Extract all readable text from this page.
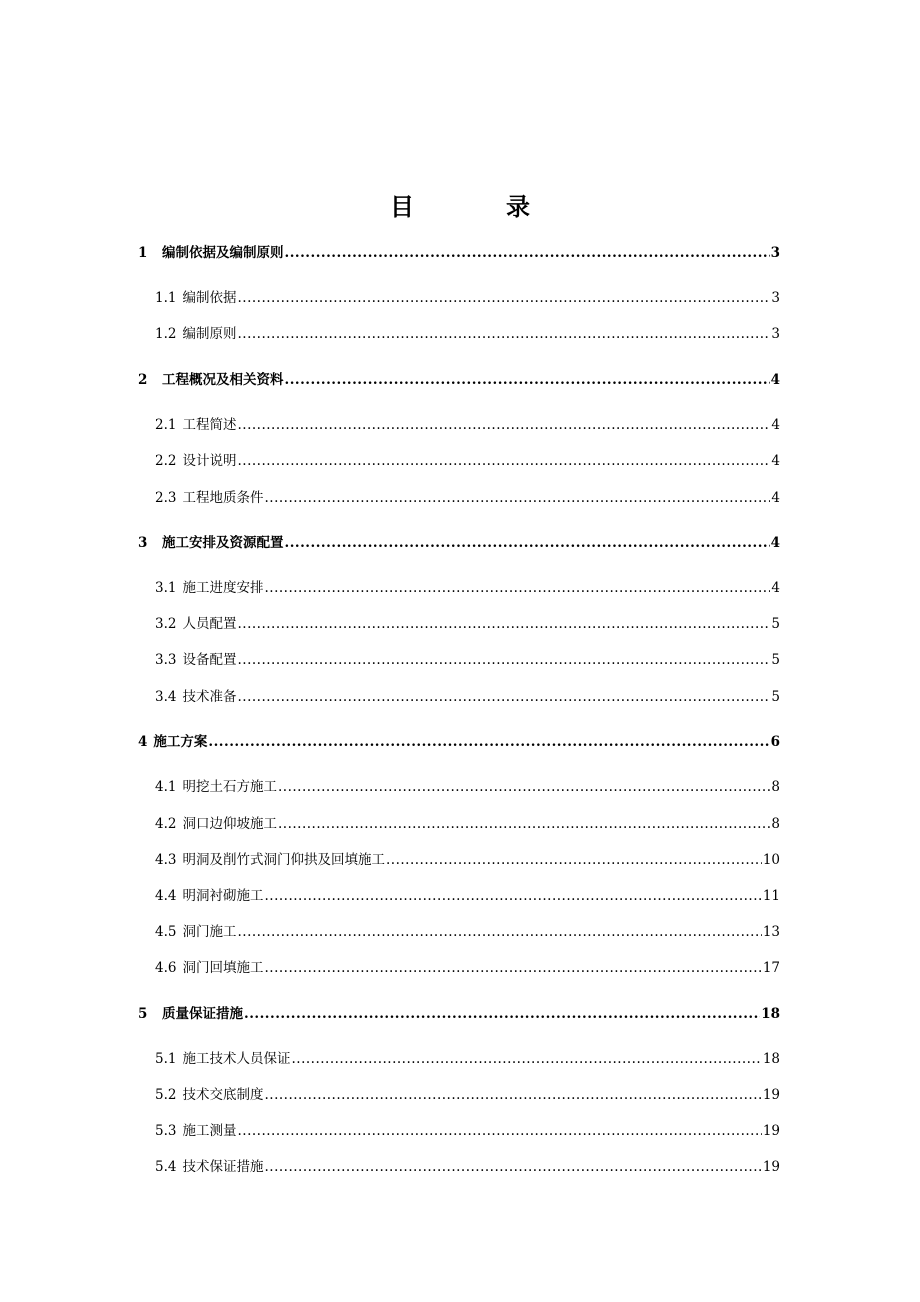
目　录
1	编制依据及编制原则 .....	3
1.1 编制依据 .....	3
1.2 编制原则 .....	3
2	工程概况及相关资料 .....	4
2.1 工程简述 .....	4
2.2 设计说明 .....	4
2.3 工程地质条件 .....	4
3	施工安排及资源配置 .....	4
3.1 施工进度安排 .....	4
3.2 人员配置 .....	5
3.3 设备配置 .....	5
3.4 技术准备 .....	5
4 施工方案 .....	6
4.1 明挖土石方施工 .....	8
4.2 洞口边仰坡施工 .....	8
4.3 明洞及削竹式洞门仰拱及回填施工 .....	10
4.4 明洞衬砌施工 .....	11
4.5 洞门施工 .....	13
4.6 洞门回填施工 .....	17
5	质量保证措施 .....	18
5.1 施工技术人员保证 .....	18
5.2 技术交底制度 .....	19
5.3 施工测量 .....	19
5.4 技术保证措施 .....	19
